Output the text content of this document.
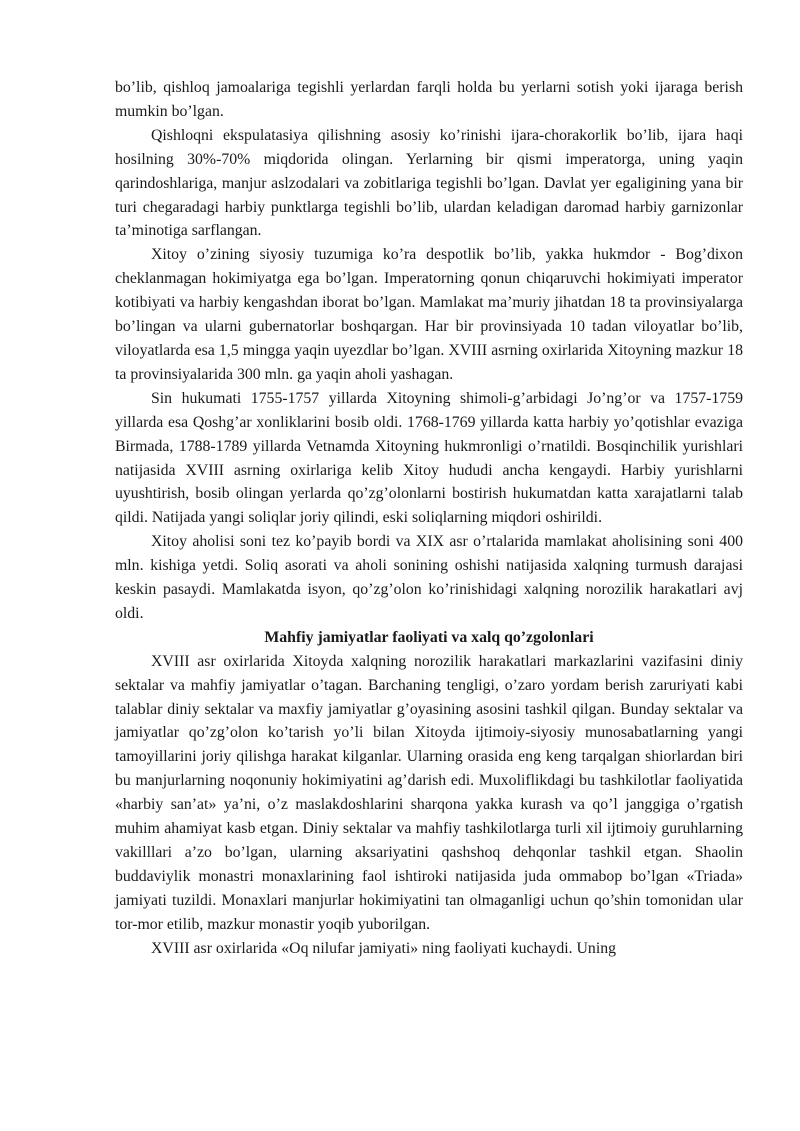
bo’lib, qishloq jamoalariga tegishli yerlardan farqli holda bu yerlarni sotish yoki ijaraga berish mumkin bo’lgan.

Qishloqni ekspulatasiya qilishning asosiy ko’rinishi ijara-chorakorlik bo’lib, ijara haqi hosilning 30%-70% miqdorida olingan. Yerlarning bir qismi imperatorga, uning yaqin qarindoshlariga, manjur aslzodalari va zobitlariga tegishli bo’lgan. Davlat yer egaligining yana bir turi chegaradagi harbiy punktlarga tegishli bo’lib, ulardan keladigan daromad harbiy garnizonlar ta’minotiga sarflangan.

Xitoy o’zining siyosiy tuzumiga ko’ra despotlik bo’lib, yakka hukmdor - Bog’dixon cheklanmagan hokimiyatga ega bo’lgan. Imperatorning qonun chiqaruvchi hokimiyati imperator kotibiyati va harbiy kengashdan iborat bo’lgan. Mamlakat ma’muriy jihatdan 18 ta provinsiyalarga bo’lingan va ularni gubernatorlar boshqargan. Har bir provinsiyada 10 tadan viloyatlar bo’lib, viloyatlarda esa 1,5 mingga yaqin uyezdlar bo’lgan. XVIII asrning oxirlarida Xitoyning mazkur 18 ta provinsiyalarida 300 mln. ga yaqin aholi yashagan.

Sin hukumati 1755-1757 yillarda Xitoyning shimoli-g’arbidagi Jo’ng’or va 1757-1759 yillarda esa Qoshg’ar xonliklarini bosib oldi. 1768-1769 yillarda katta harbiy yo’qotishlar evaziga Birmada, 1788-1789 yillarda Vetnamda Xitoyning hukmronligi o’rnatildi. Bosqinchilik yurishlari natijasida XVIII asrning oxirlariga kelib Xitoy hududi ancha kengaydi. Harbiy yurishlarni uyushtirish, bosib olingan yerlarda qo’zg’olonlarni bostirish hukumatdan katta xarajatlarni talab qildi. Natijada yangi soliqlar joriy qilindi, eski soliqlarning miqdori oshirildi.

Xitoy aholisi soni tez ko’payib bordi va XIX asr o’rtalarida mamlakat aholisining soni 400 mln. kishiga yetdi. Soliq asorati va aholi sonining oshishi natijasida xalqning turmush darajasi keskin pasaydi. Mamlakatda isyon, qo’zg’olon ko’rinishidagi xalqning norozilik harakatlari avj oldi.

Mahfiy jamiyatlar faoliyati va xalq qo’zgolonlari

XVIII asr oxirlarida Xitoyda xalqning norozilik harakatlari markazlarini vazifasini diniy sektalar va mahfiy jamiyatlar o’tagan. Barchaning tengligi, o’zaro yordam berish zaruriyati kabi talablar diniy sektalar va maxfiy jamiyatlar g’oyasining asosini tashkil qilgan. Bunday sektalar va jamiyatlar qo’zg’olon ko’tarish yo’li bilan Xitoyda ijtimoiy-siyosiy munosabatlarning yangi tamoyillarini joriy qilishga harakat kilganlar. Ularning orasida eng keng tarqalgan shiorlardan biri bu manjurlarning noqonuniy hokimiyatini ag’darish edi. Muxoliflikdagi bu tashkilotlar faoliyatida «harbiy san’at» ya’ni, o’z maslakdoshlarini sharqona yakka kurash va qo’l janggiga o’rgatish muhim ahamiyat kasb etgan. Diniy sektalar va mahfiy tashkilotlarga turli xil ijtimoiy guruhlarning vakilllari a’zo bo’lgan, ularning aksariyatini qashshoq dehqonlar tashkil etgan. Shaolin buddaviylik monastri monaxlarining faol ishtiroki natijasida juda ommabop bo’lgan «Triada» jamiyati tuzildi. Monaxlari manjurlar hokimiyatini tan olmaganligi uchun qo’shin tomonidan ular tor-mor etilib, mazkur monastir yoqib yuborilgan.

XVIII asr oxirlarida «Oq nilufar jamiyati» ning faoliyati kuchaydi. Uning
